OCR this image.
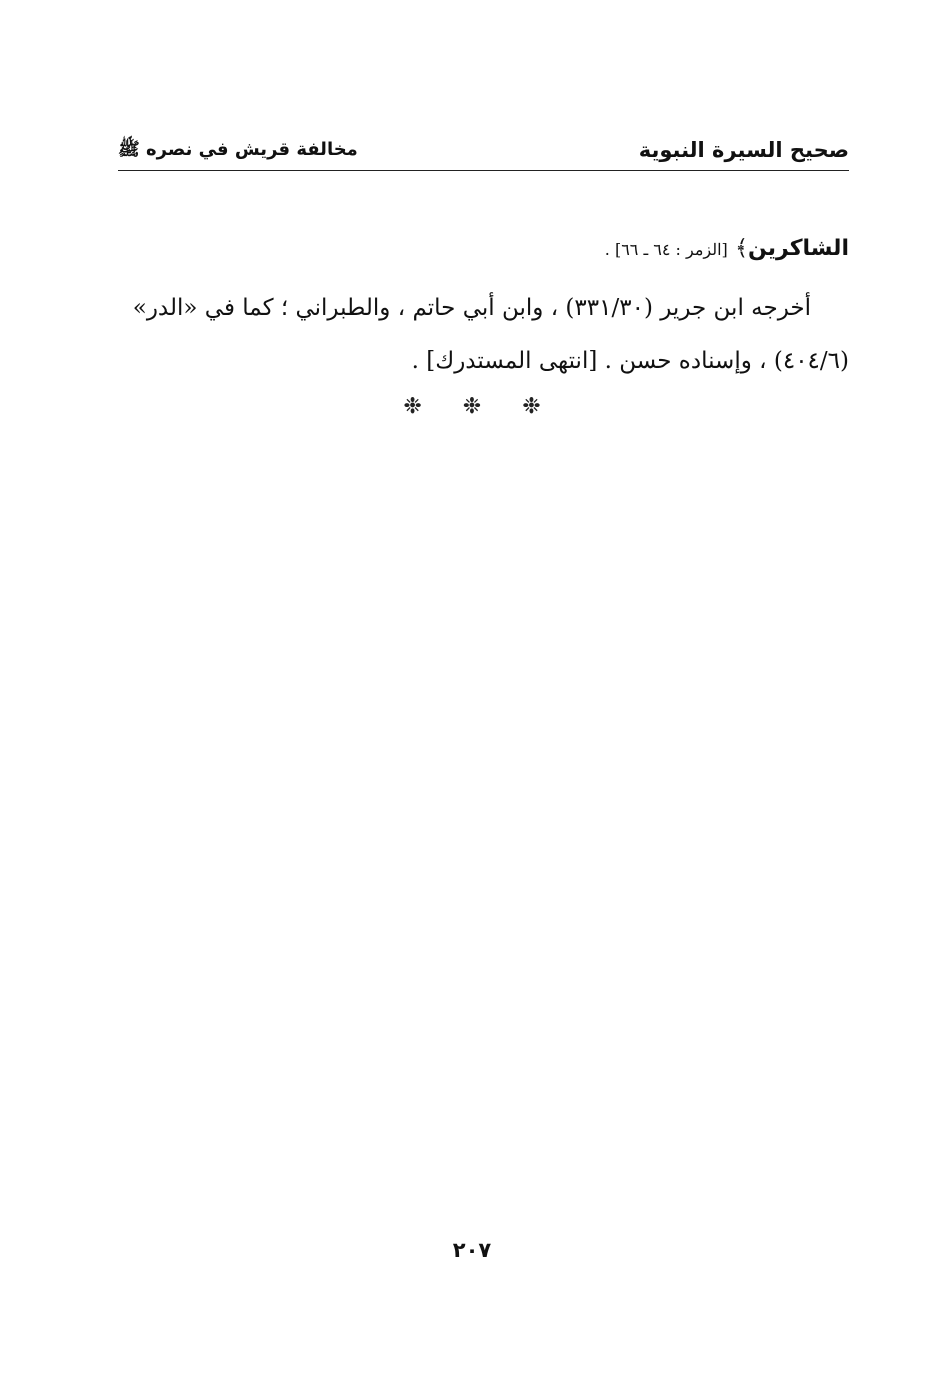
صحيح السيرة النبوية
مخالفة قريش في نصره ﷺ
الشاكرين﴾ [الزمر : ٦٤ ـ ٦٦] .
أخرجه ابن جرير (٣٣١/٣٠) ، وابن أبي حاتم ، والطبراني ؛ كما في «الدر»
(٤٠٤/٦) ، وإسناده حسن . [انتهى المستدرك] .
❉ ❉ ❉
٢٠٧
